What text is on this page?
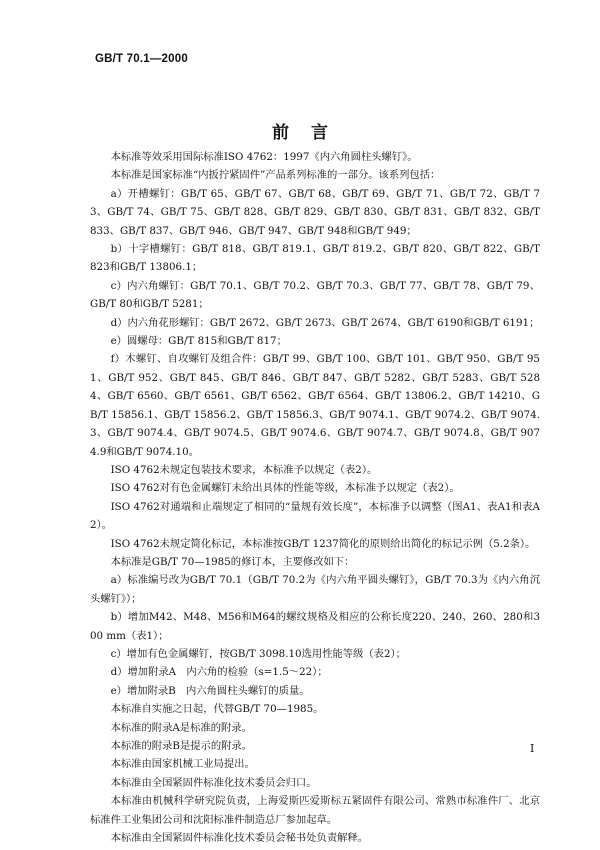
GB/T 70.1—2000
前言

本标准等效采用国际标准ISO 4762：1997《内六角圆柱头螺钉》。

本标准是国家标准“内扳拧紧固件”产品系列标准的一部分。该系列包括：

a）开槽螺钉：GB/T 65、GB/T 67、GB/T 68、GB/T 69、GB/T 71、GB/T 72、GB/T 73、GB/T 74、GB/T 75、GB/T 828、GB/T 829、GB/T 830、GB/T 831、GB/T 832、GB/T 833、GB/T 837、GB/T 946、GB/T 947、GB/T 948和GB/T 949；

b）十字槽螺钉：GB/T 818、GB/T 819.1、GB/T 819.2、GB/T 820、GB/T 822、GB/T 823和GB/T 13806.1；

c）内六角螺钉：GB/T 70.1、GB/T 70.2、GB/T 70.3、GB/T 77、GB/T 78、GB/T 79、GB/T 80和GB/T 5281；

d）内六角花形螺钉：GB/T 2672、GB/T 2673、GB/T 2674、GB/T 6190和GB/T 6191；

e）圆螺母：GB/T 815和GB/T 817；

f）木螺钉、自攻螺钉及组合件：GB/T 99、GB/T 100、GB/T 101、GB/T 950、GB/T 951、GB/T 952、GB/T 845、GB/T 846、GB/T 847、GB/T 5282、GB/T 5283、GB/T 5284、GB/T 6560、GB/T 6561、GB/T 6562、GB/T 6564、GB/T 13806.2、GB/T 14210、GB/T 15856.1、GB/T 15856.2、GB/T 15856.3、GB/T 9074.1、GB/T 9074.2、GB/T 9074.3、GB/T 9074.4、GB/T 9074.5、GB/T 9074.6、GB/T 9074.7、GB/T 9074.8、GB/T 9074.9和GB/T 9074.10。

ISO 4762未规定包装技术要求，本标准予以规定（表2）。

ISO 4762对有色金属螺钉未给出具体的性能等级，本标准予以规定（表2）。

ISO 4762对通端和止端规定了相同的“量规有效长度”，本标准予以调整（图A1、表A1和表A2）。

ISO 4762未规定简化标记，本标准按GB/T 1237简化的原则给出简化的标记示例（5.2条）。

本标准是GB/T 70—1985的修订本，主要修改如下：

a）标准编号改为GB/T 70.1（GB/T 70.2为《内六角平圆头螺钉》，GB/T 70.3为《内六角沉头螺钉》）；

b）增加M42、M48、M56和M64的螺纹规格及相应的公称长度220、240、260、280和300 mm（表1）；

c）增加有色金属螺钉，按GB/T 3098.10选用性能等级（表2）；

d）增加附录A　内六角的检验（s=1.5～22）；

e）增加附录B　内六角圆柱头螺钉的质量。

本标准自实施之日起，代替GB/T 70—1985。

本标准的附录A是标准的附录。

本标准的附录B是提示的附录。

本标准由国家机械工业局提出。

本标准由全国紧固件标准化技术委员会归口。

本标准由机械科学研究院负责，上海爱斯匹爱斯标五紧固件有限公司、常熟市标准件厂、北京标准件工业集团公司和沈阳标准件制造总厂参加起草。

本标准由全国紧固件标准化技术委员会秘书处负责解释。

I
